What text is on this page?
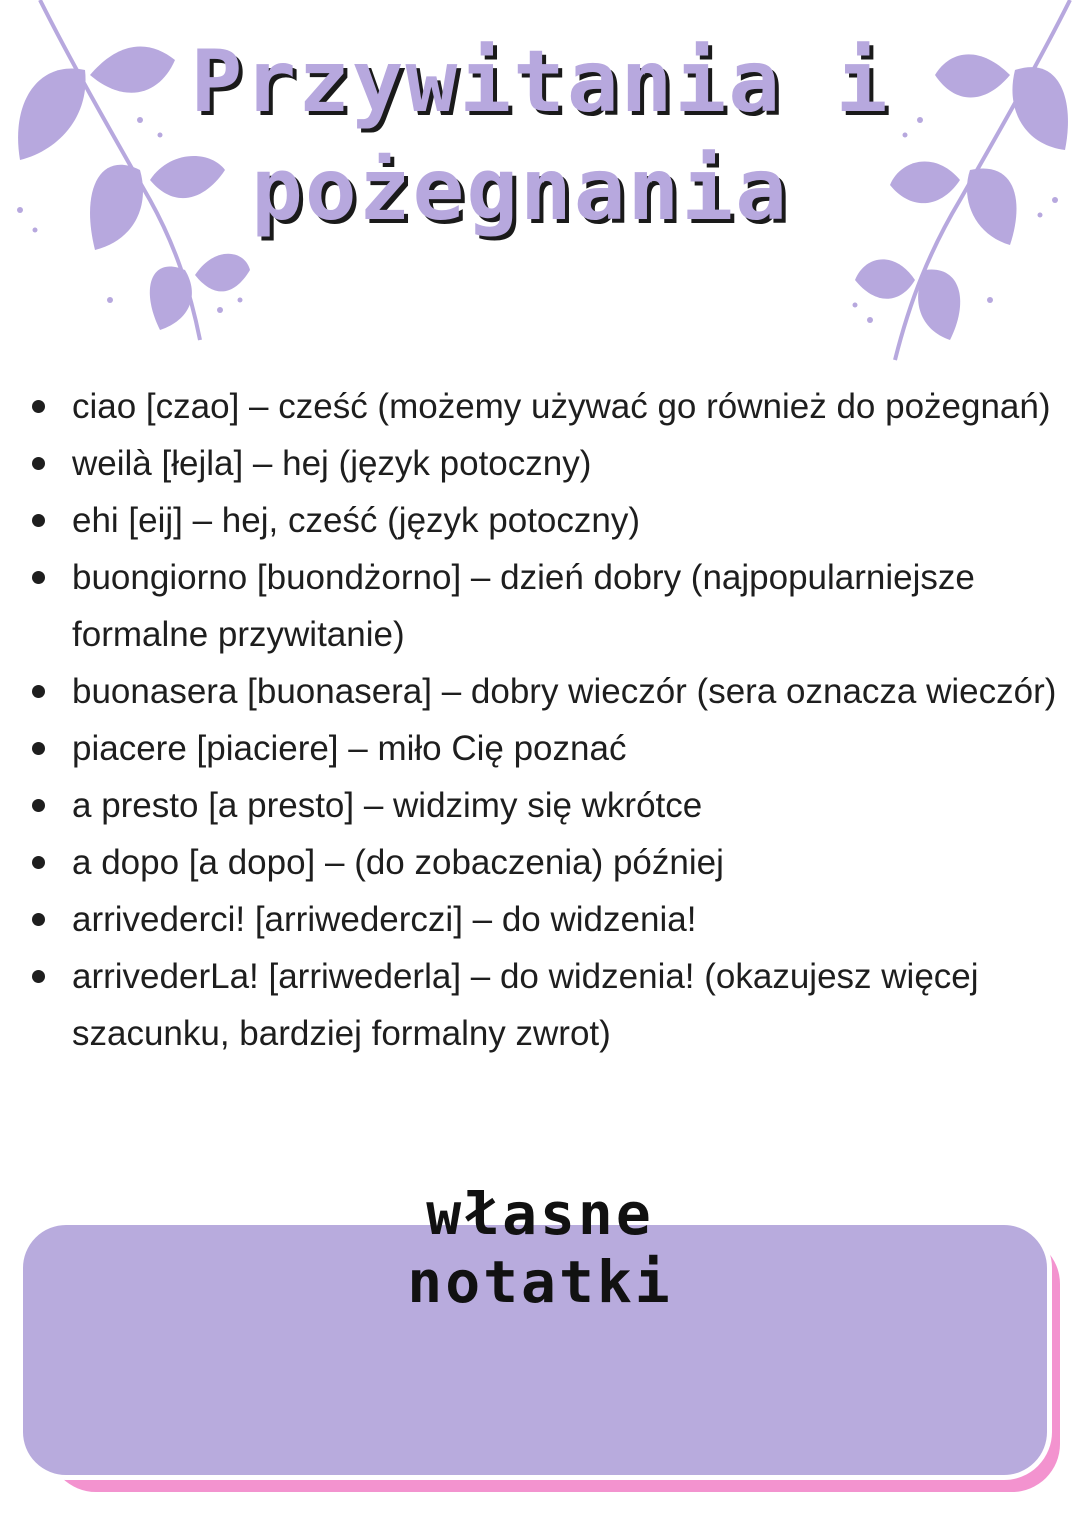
Przywitania i
pożegnania
ciao [czao] – cześć (możemy używać go również do pożegnań)
weilà [łejla] – hej (język potoczny)
ehi [eij] – hej, cześć (język potoczny)
buongiorno [buondżorno] – dzień dobry (najpopularniejsze formalne przywitanie)
buonasera [buonasera] – dobry wieczór (sera oznacza wieczór)
piacere [piaciere] – miło Cię poznać
a presto [a presto] – widzimy się wkrótce
a dopo [a dopo] – (do zobaczenia) później
arrivederci! [arriwederczi] – do widzenia!
arrivederLa! [arriwederla] – do widzenia! (okazujesz więcej szacunku, bardziej formalny zwrot)
własne notatki
